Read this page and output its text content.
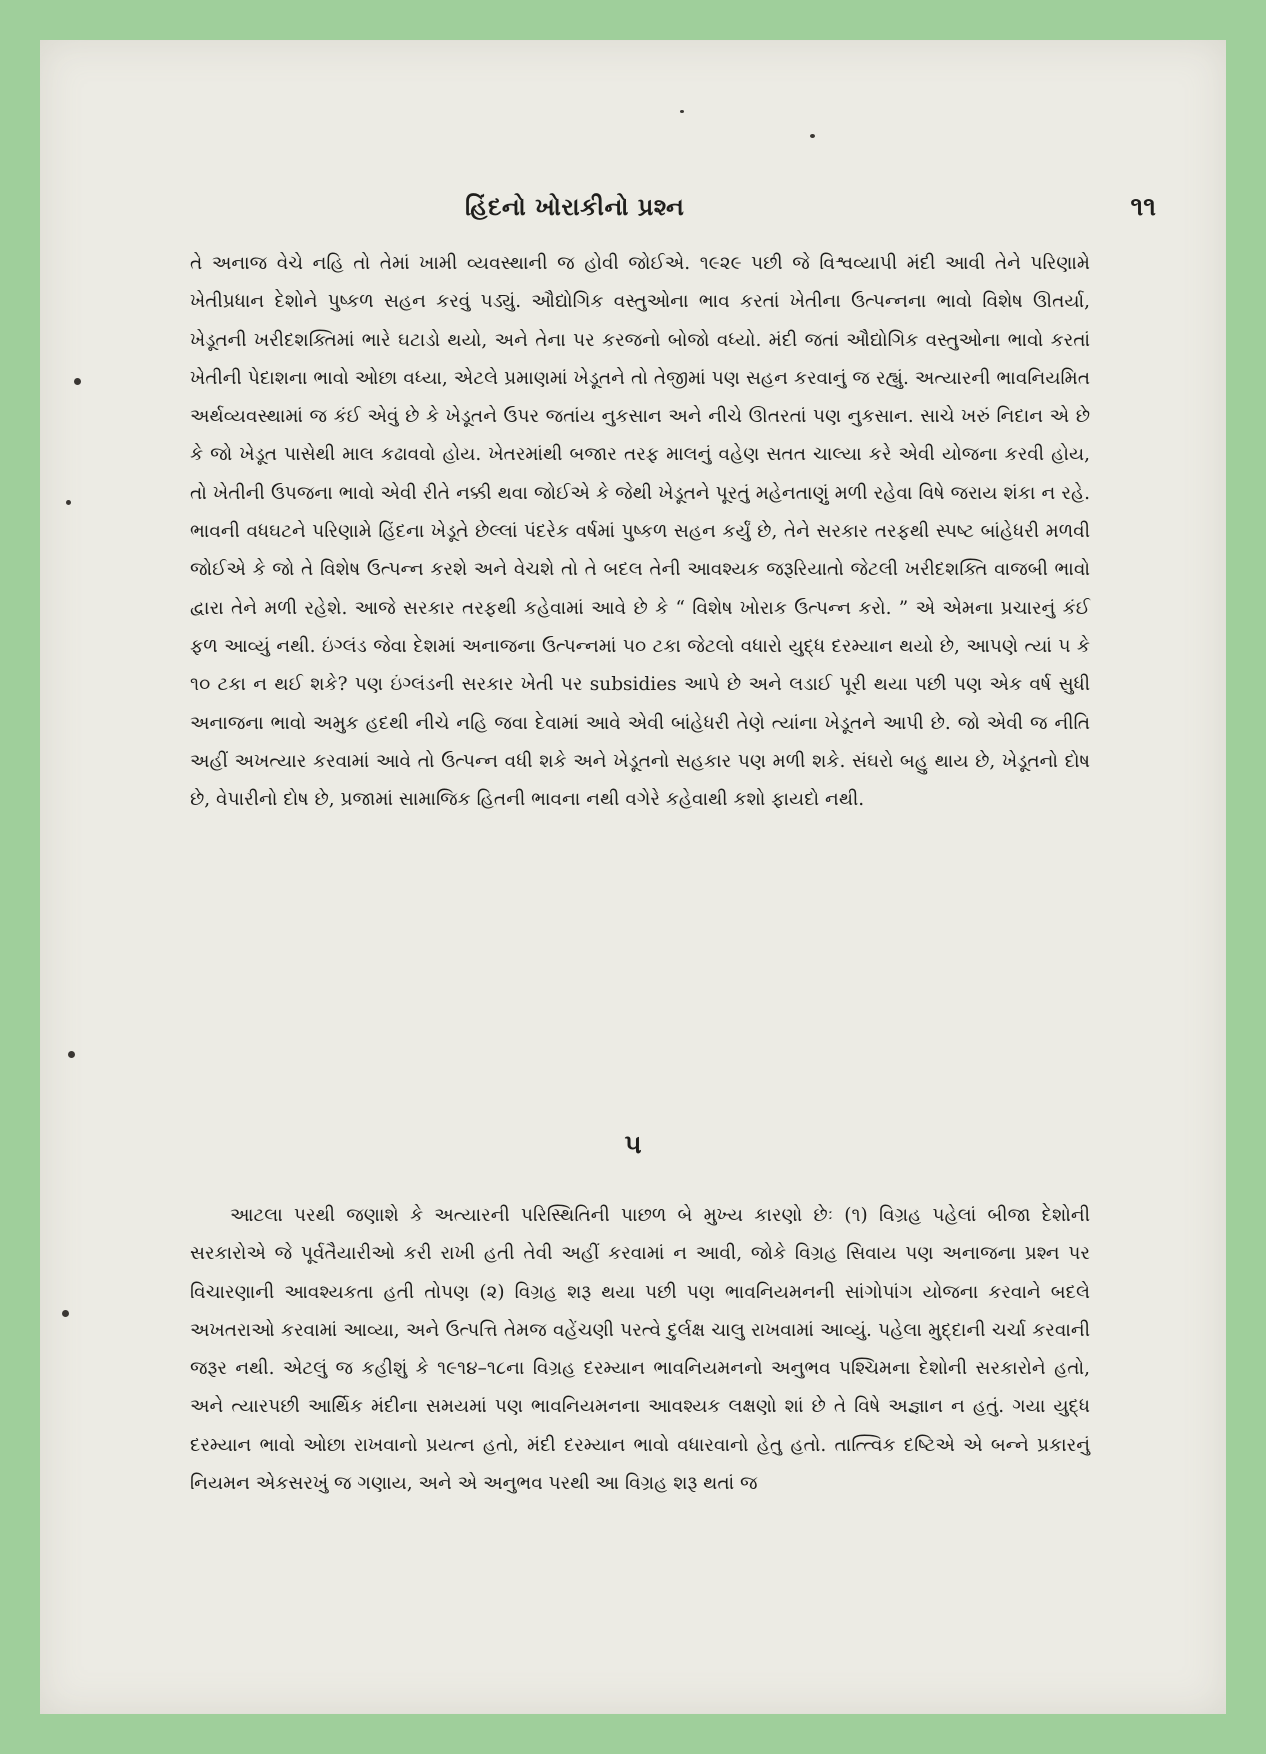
હિંદનો ખોરાકીનો પ્રશ્ન	૧૧

તે અનાજ વેચે નહિ તો તેમાં ખામી વ્યવસ્થાની જ હોવી જોઈએ. ૧૯૨૯ પછી જે વિશ્વવ્યાપી મંદી આવી તેને પરિણામે ખેતીપ્રધાન દેશોને પુષ્કળ સહન કરવું પડ્યું. ઔદ્યોગિક વસ્તુઓના ભાવ કરતાં ખેતીના ઉત્પન્નના ભાવો વિશેષ ઊતર્યા, ખેડૂતની ખરીદશક્તિમાં ભારે ઘટાડો થયો, અને તેના પર કરજનો બોજો વધ્યો. મંદી જતાં ઔદ્યોગિક વસ્તુઓના ભાવો કરતાં ખેતીની પેદાશના ભાવો ઓછા વધ્યા, એટલે પ્રમાણમાં ખેડૂતને તો તેજીમાં પણ સહન કરવાનું જ રહ્યું. અત્યારની ભાવનિયમિત અર્થવ્યવસ્થામાં જ કંઈ એવું છે કે ખેડૂતને ઉપર જતાંય નુકસાન અને નીચે ઊતરતાં પણ નુકસાન. સાચે ખરું નિદાન એ છે કે જો ખેડૂત પાસેથી માલ કઢાવવો હોય. ખેતરમાંથી બજાર તરફ માલનું વહેણ સતત ચાલ્યા કરે એવી યોજના કરવી હોય, તો ખેતીની ઉપજના ભાવો એવી રીતે નક્કી થવા જોઈએ કે જેથી ખેડૂતને પૂરતું મહેનતાણું મળી રહેવા વિષે જરાય શંકા ન રહે. ભાવની વધઘટને પરિણામે હિંદના ખેડૂતે છેલ્લાં પંદરેક વર્ષમાં પુષ્કળ સહન કર્યું છે, તેને સરકાર તરફથી સ્પષ્ટ બાંહેધરી મળવી જોઈએ કે જો તે વિશેષ ઉત્પન્ન કરશે અને વેચશે તો તે બદલ તેની આવશ્યક જરૂરિયાતો જેટલી ખરીદશક્તિ વાજબી ભાવો દ્વારા તેને મળી રહેશે. આજે સરકાર તરફથી કહેવામાં આવે છે કે “ વિશેષ ખોરાક ઉત્પન્ન કરો. ” એ એમના પ્રચારનું કંઈ ફળ આવ્યું નથી. ઇંગ્લંડ જેવા દેશમાં અનાજના ઉત્પન્નમાં ૫૦ ટકા જેટલો વધારો યુદ્ધ દરમ્યાન થયો છે, આપણે ત્યાં ૫ કે ૧૦ ટકા ન થઈ શકે? પણ ઇંગ્લંડની સરકાર ખેતી પર subsidies આપે છે અને લડાઈ પૂરી થયા પછી પણ એક વર્ષ સુધી અનાજના ભાવો અમુક હદથી નીચે નહિ જવા દેવામાં આવે એવી બાંહેધરી તેણે ત્યાંના ખેડૂતને આપી છે. જો એવી જ નીતિ અહીં અખત્યાર કરવામાં આવે તો ઉત્પન્ન વધી શકે અને ખેડૂતનો સહકાર પણ મળી શકે. સંઘરો બહુ થાય છે, ખેડૂતનો દોષ છે, વેપારીનો દોષ છે, પ્રજામાં સામાજિક હિતની ભાવના નથી વગેરે કહેવાથી કશો ફાયદો નથી.

૫

આટલા પરથી જણાશે કે અત્યારની પરિસ્થિતિની પાછળ બે મુખ્ય કારણો છેઃ (૧) વિગ્રહ પહેલાં બીજા દેશોની સરકારોએ જે પૂર્વતૈયારીઓ કરી રાખી હતી તેવી અહીં કરવામાં ન આવી, જોકે વિગ્રહ સિવાય પણ અનાજના પ્રશ્ન પર વિચારણાની આવશ્યકતા હતી તોપણ (૨) વિગ્રહ શરૂ થયા પછી પણ ભાવનિયમનની સાંગોપાંગ યોજના કરવાને બદલે અખતરાઓ કરવામાં આવ્યા, અને ઉત્પત્તિ તેમજ વહેંચણી પરત્વે દુર્લક્ષ ચાલુ રાખવામાં આવ્યું. પહેલા મુદ્દાની ચર્ચા કરવાની જરૂર નથી. એટલું જ કહીશું કે ૧૯૧૪–૧૮ના વિગ્રહ દરમ્યાન ભાવનિયમનનો અનુભવ પશ્ચિમના દેશોની સરકારોને હતો, અને ત્યારપછી આર્થિક મંદીના સમયમાં પણ ભાવનિયમનના આવશ્યક લક્ષણો શાં છે તે વિષે અજ્ઞાન ન હતું. ગયા યુદ્ધ દરમ્યાન ભાવો ઓછા રાખવાનો પ્રયત્ન હતો, મંદી દરમ્યાન ભાવો વધારવાનો હેતુ હતો. તાત્ત્વિક દષ્ટિએ એ બન્ને પ્રકારનું નિયમન એકસરખું જ ગણાય, અને એ અનુભવ પરથી આ વિગ્રહ શરૂ થતાં જ
